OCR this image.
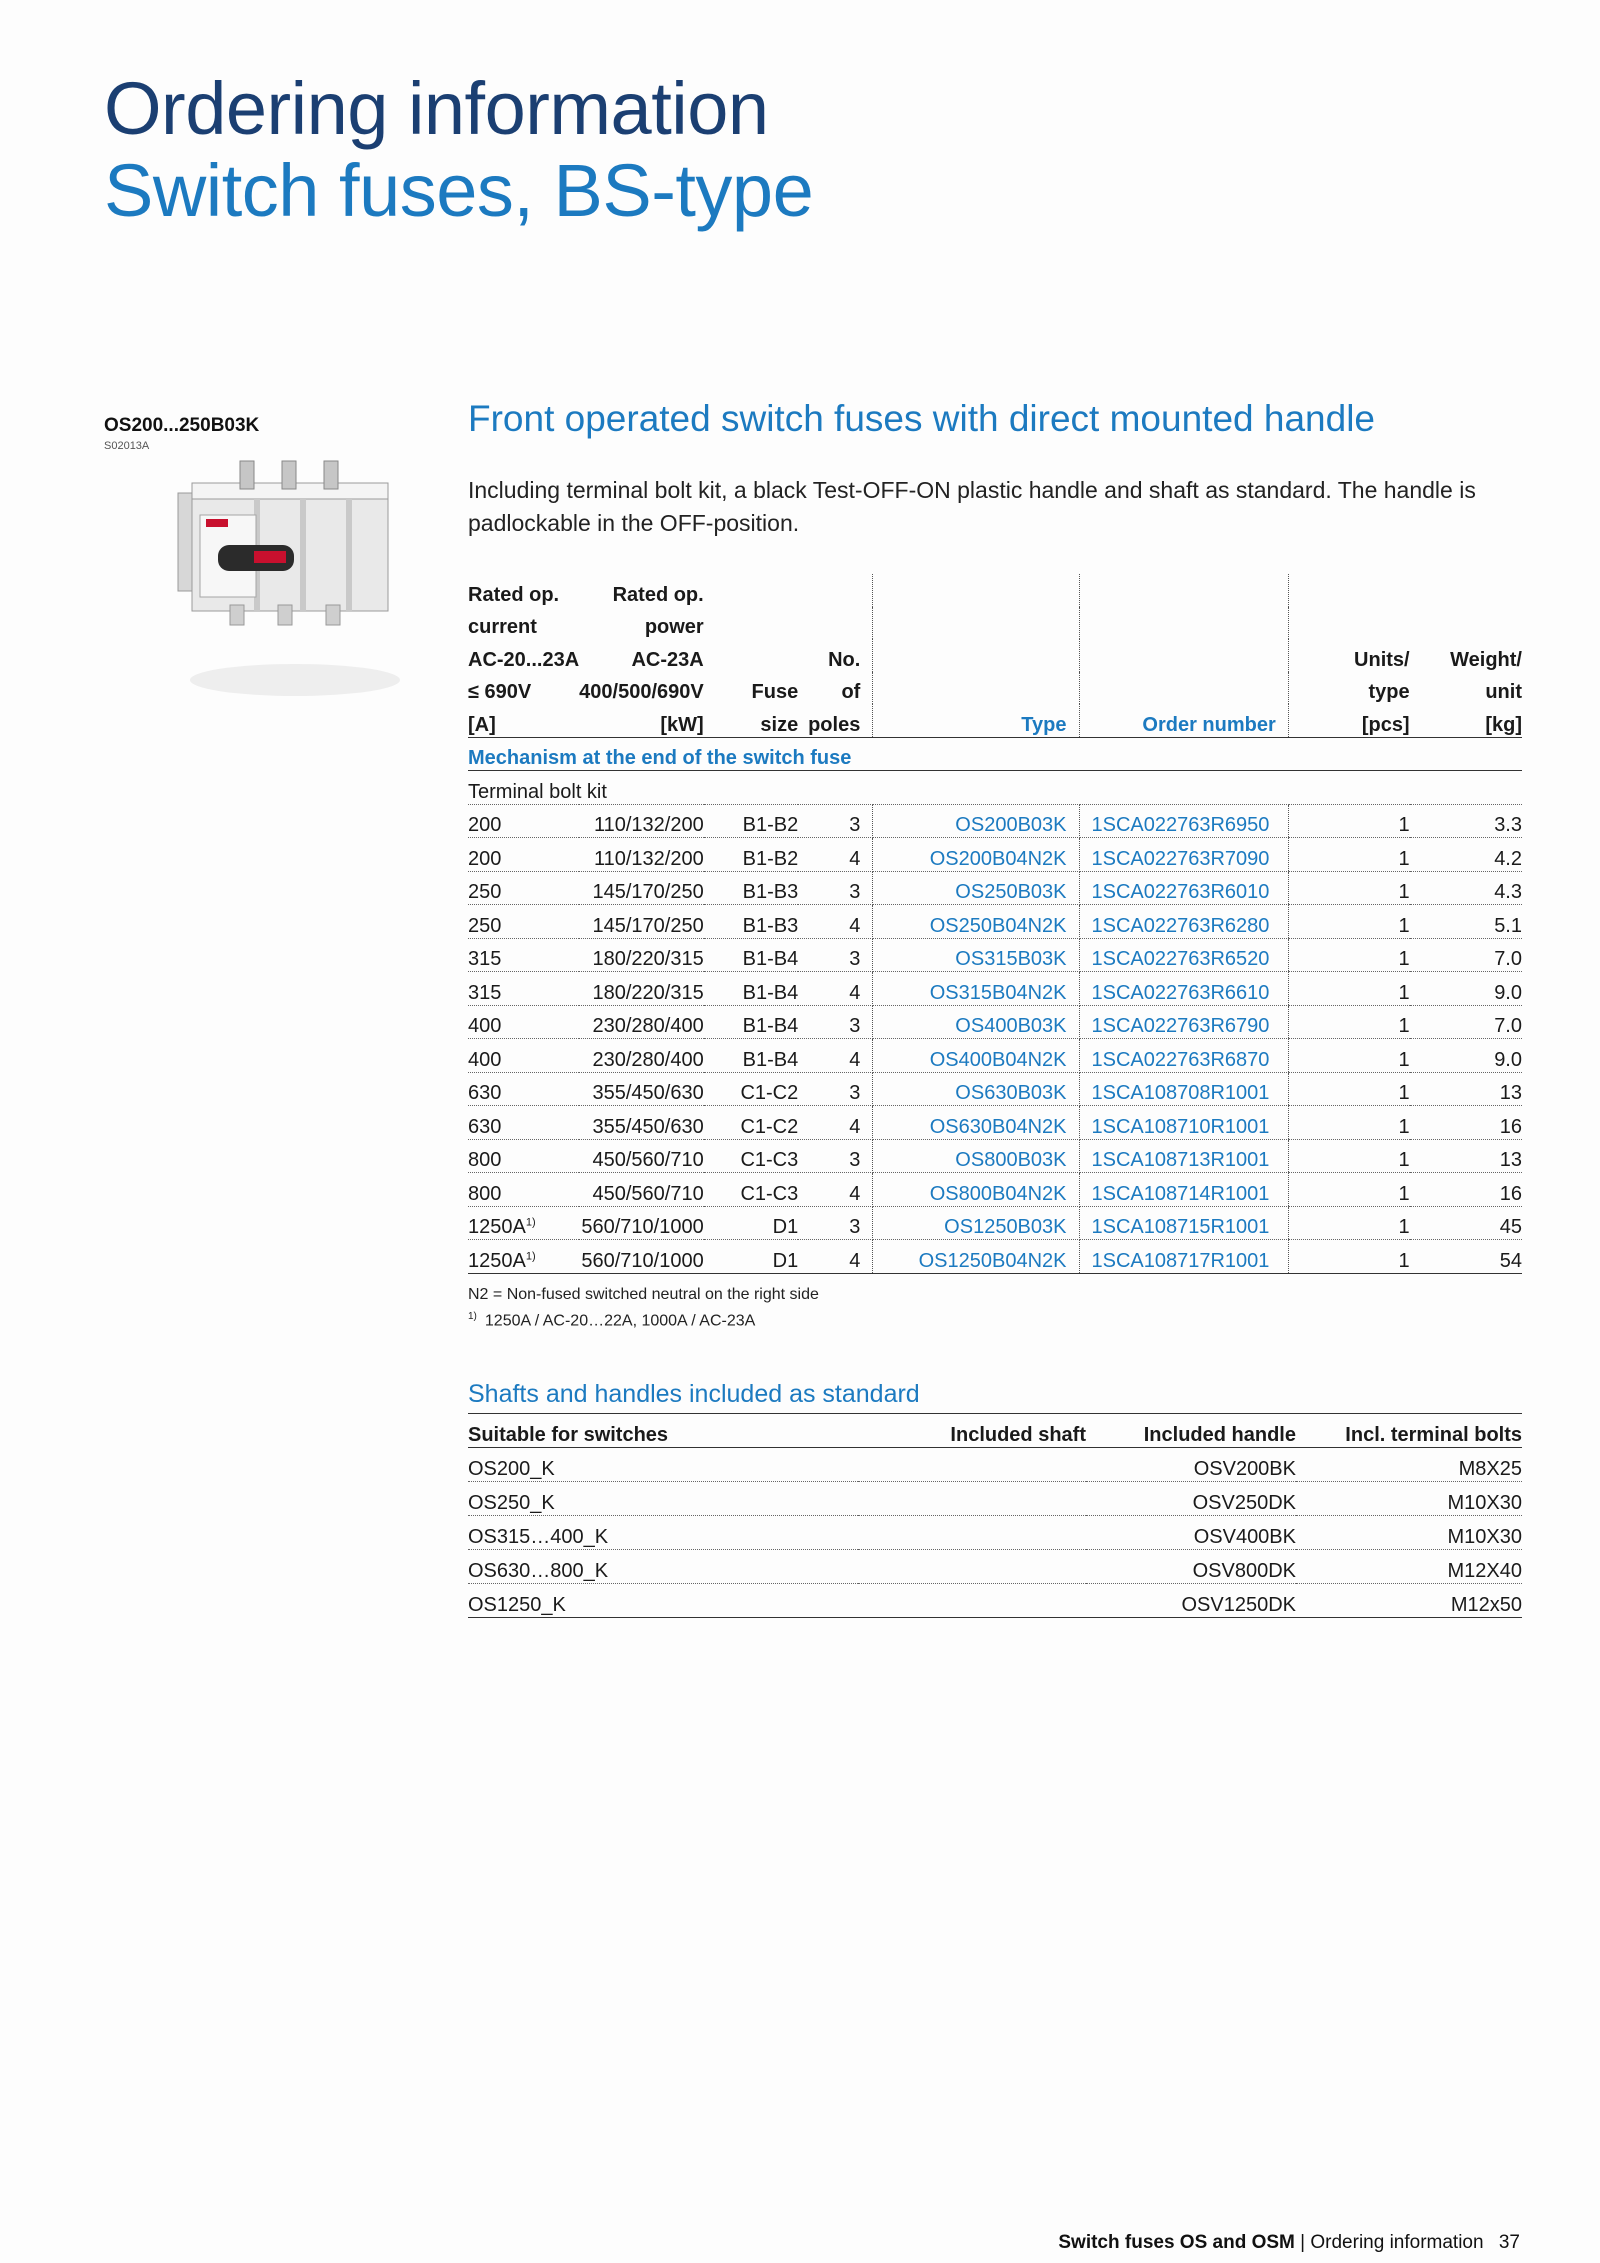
Ordering information
Switch fuses, BS-type
OS200...250B03K
S02013A
Front operated switch fuses with direct mounted handle
Including terminal bolt kit, a black Test-OFF-ON plastic handle and shaft as standard. The handle is padlockable in the OFF-position.
Rated op.	Rated op.						
current	power						
AC-20...23A	AC-23A		No.			Units/	Weight/
≤ 690V	400/500/690V	Fuse	of			type	unit
[A]	[kW]	size	poles	Type	Order number	[pcs]	[kg]
Mechanism at the end of the switch fuse							
Terminal bolt kit							
200	110/132/200	B1-B2	3	OS200B03K	1SCA022763R6950	1	3.3
200	110/132/200	B1-B2	4	OS200B04N2K	1SCA022763R7090	1	4.2
250	145/170/250	B1-B3	3	OS250B03K	1SCA022763R6010	1	4.3
250	145/170/250	B1-B3	4	OS250B04N2K	1SCA022763R6280	1	5.1
315	180/220/315	B1-B4	3	OS315B03K	1SCA022763R6520	1	7.0
315	180/220/315	B1-B4	4	OS315B04N2K	1SCA022763R6610	1	9.0
400	230/280/400	B1-B4	3	OS400B03K	1SCA022763R6790	1	7.0
400	230/280/400	B1-B4	4	OS400B04N2K	1SCA022763R6870	1	9.0
630	355/450/630	C1-C2	3	OS630B03K	1SCA108708R1001	1	13
630	355/450/630	C1-C2	4	OS630B04N2K	1SCA108710R1001	1	16
800	450/560/710	C1-C3	3	OS800B03K	1SCA108713R1001	1	13
800	450/560/710	C1-C3	4	OS800B04N2K	1SCA108714R1001	1	16
$1250A^{1)}$	560/710/1000	D1	3	OS1250B03K	1SCA108715R1001	1	45
$1250A^{1)}$	560/710/1000	D1	4	OS1250B04N2K	1SCA108717R1001	1	54
N2 = Non-fused switched neutral on the right side
$^{1)}$ 1250A / AC-20…22A, 1000A / AC-23A
Shafts and handles included as standard
Suitable for switches	Included shaft	Included handle	Incl. terminal bolts
OS200_K		OSV200BK	M8X25
OS250_K		OSV250DK	M10X30
OS315…400_K		OSV400BK	M10X30
OS630…800_K		OSV800DK	M12X40
OS1250_K		OSV1250DK	M12x50
Switch fuses OS and OSM | Ordering information 37
